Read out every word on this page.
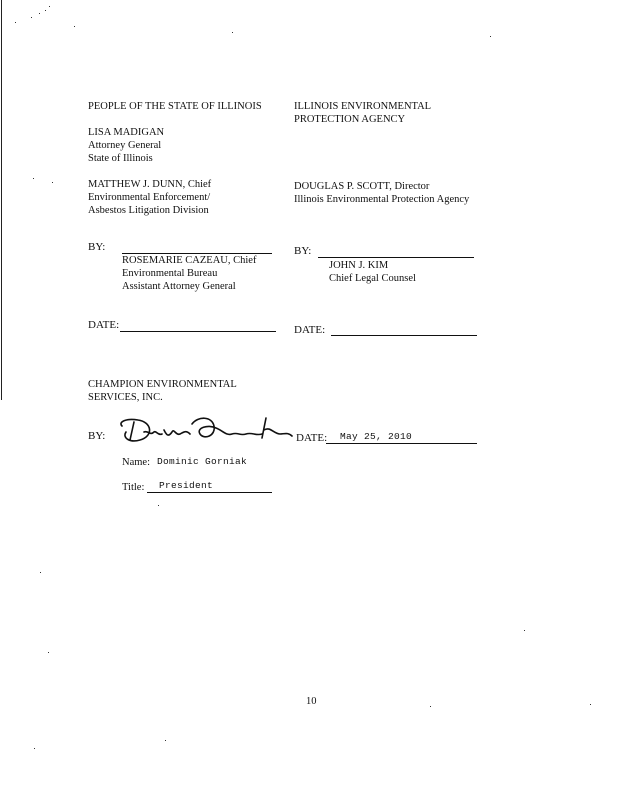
PEOPLE OF THE STATE OF ILLINOIS
LISA MADIGAN
Attorney General
State of Illinois
MATTHEW J. DUNN, Chief
Environmental Enforcement/
Asbestos Litigation Division
BY:
ROSEMARIE CAZEAU, Chief
Environmental Bureau
Assistant Attorney General
DATE:
ILLINOIS ENVIRONMENTAL
PROTECTION AGENCY
DOUGLAS P. SCOTT, Director
Illinois Environmental Protection Agency
BY:
JOHN J. KIM
Chief Legal Counsel
DATE:
CHAMPION ENVIRONMENTAL
SERVICES, INC.
BY:	DATE: May 25, 2010
Name: Dominic Gorniak
Title: President
10
